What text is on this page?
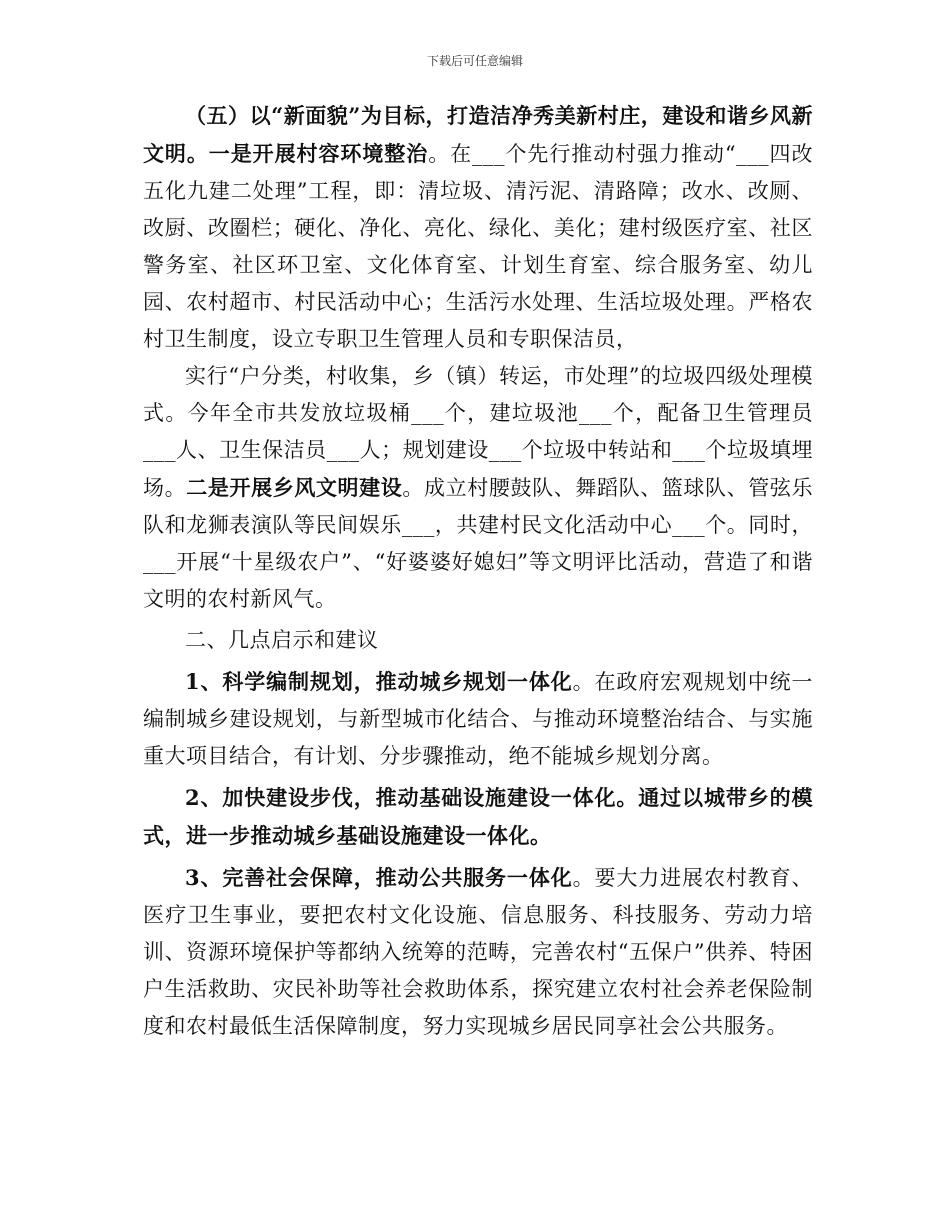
下载后可任意编辑

（五）以“新面貌”为目标，打造洁净秀美新村庄，建设和谐乡风新文明。一是开展村容环境整治。在___个先行推动村强力推动“___四改五化九建二处理”工程，即：清垃圾、清污泥、清路障；改水、改厕、改厨、改圈栏；硬化、净化、亮化、绿化、美化；建村级医疗室、社区警务室、社区环卫室、文化体育室、计划生育室、综合服务室、幼儿园、农村超市、村民活动中心；生活污水处理、生活垃圾处理。严格农村卫生制度，设立专职卫生管理人员和专职保洁员，

实行“户分类，村收集，乡（镇）转运，市处理”的垃圾四级处理模式。今年全市共发放垃圾桶___个，建垃圾池___个，配备卫生管理员___人、卫生保洁员___人；规划建设___个垃圾中转站和___个垃圾填埋场。二是开展乡风文明建设。成立村腰鼓队、舞蹈队、篮球队、管弦乐队和龙狮表演队等民间娱乐___，共建村民文化活动中心___个。同时，___开展“十星级农户”、“好婆婆好媳妇”等文明评比活动，营造了和谐文明的农村新风气。

二、几点启示和建议

1、科学编制规划，推动城乡规划一体化。在政府宏观规划中统一编制城乡建设规划，与新型城市化结合、与推动环境整治结合、与实施重大项目结合，有计划、分步骤推动，绝不能城乡规划分离。

2、加快建设步伐，推动基础设施建设一体化。通过以城带乡的模式，进一步推动城乡基础设施建设一体化。

3、完善社会保障，推动公共服务一体化。要大力进展农村教育、医疗卫生事业，要把农村文化设施、信息服务、科技服务、劳动力培训、资源环境保护等都纳入统筹的范畴，完善农村“五保户”供养、特困户生活救助、灾民补助等社会救助体系，探究建立农村社会养老保险制度和农村最低生活保障制度，努力实现城乡居民同享社会公共服务。
